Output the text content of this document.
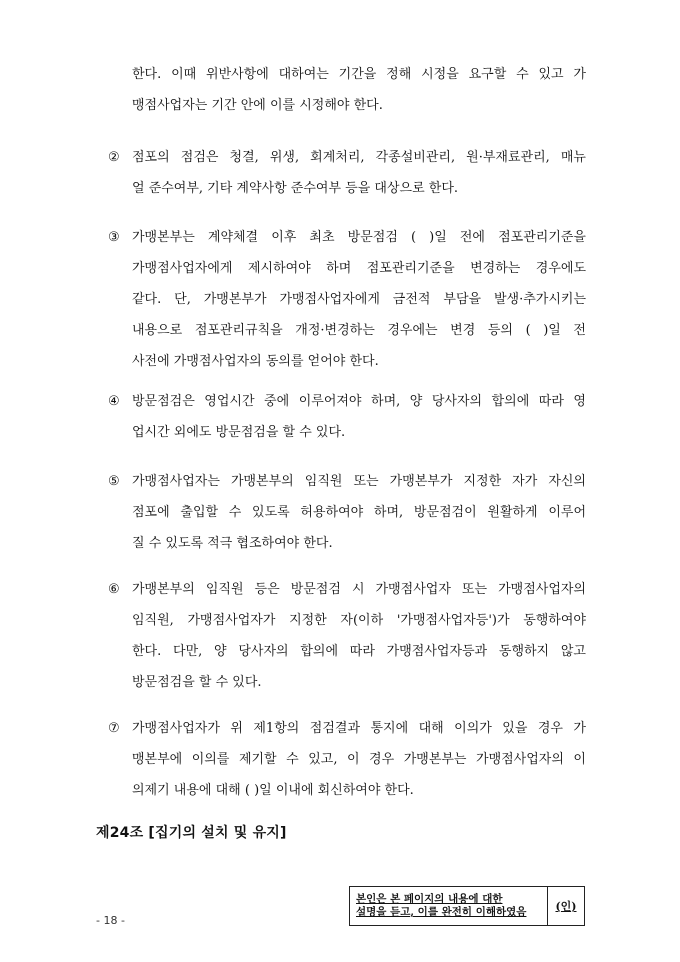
한다. 이때 위반사항에 대하여는 기간을 정해 시정을 요구할 수 있고 가
맹점사업자는 기간 안에 이를 시정해야 한다.
② 점포의 점검은 청결, 위생, 회계처리, 각종설비관리, 원·부재료관리, 매뉴
얼 준수여부, 기타 계약사항 준수여부 등을 대상으로 한다.
③ 가맹본부는 계약체결 이후 최초 방문점검 ( )일 전에 점포관리기준을
가맹점사업자에게 제시하여야 하며 점포관리기준을 변경하는 경우에도
같다. 단, 가맹본부가 가맹점사업자에게 금전적 부담을 발생·추가시키는
내용으로 점포관리규칙을 개정·변경하는 경우에는 변경 등의 ( )일 전
사전에 가맹점사업자의 동의를 얻어야 한다.
④ 방문점검은 영업시간 중에 이루어져야 하며, 양 당사자의 합의에 따라 영
업시간 외에도 방문점검을 할 수 있다.
⑤ 가맹점사업자는 가맹본부의 임직원 또는 가맹본부가 지정한 자가 자신의
점포에 출입할 수 있도록 허용하여야 하며, 방문점검이 원활하게 이루어
질 수 있도록 적극 협조하여야 한다.
⑥ 가맹본부의 임직원 등은 방문점검 시 가맹점사업자 또는 가맹점사업자의
임직원, 가맹점사업자가 지정한 자(이하 '가맹점사업자등')가 동행하여야
한다. 다만, 양 당사자의 합의에 따라 가맹점사업자등과 동행하지 않고
방문점검을 할 수 있다.
⑦ 가맹점사업자가 위 제1항의 점검결과 통지에 대해 이의가 있을 경우 가
맹본부에 이의를 제기할 수 있고, 이 경우 가맹본부는 가맹점사업자의 이
의제기 내용에 대해 ( )일 이내에 회신하여야 한다.
제24조 [집기의 설치 및 유지]
본인은 본 페이지의 내용에 대한
설명을 듣고, 이를 완전히 이해하였음	(인)
- 18 -
